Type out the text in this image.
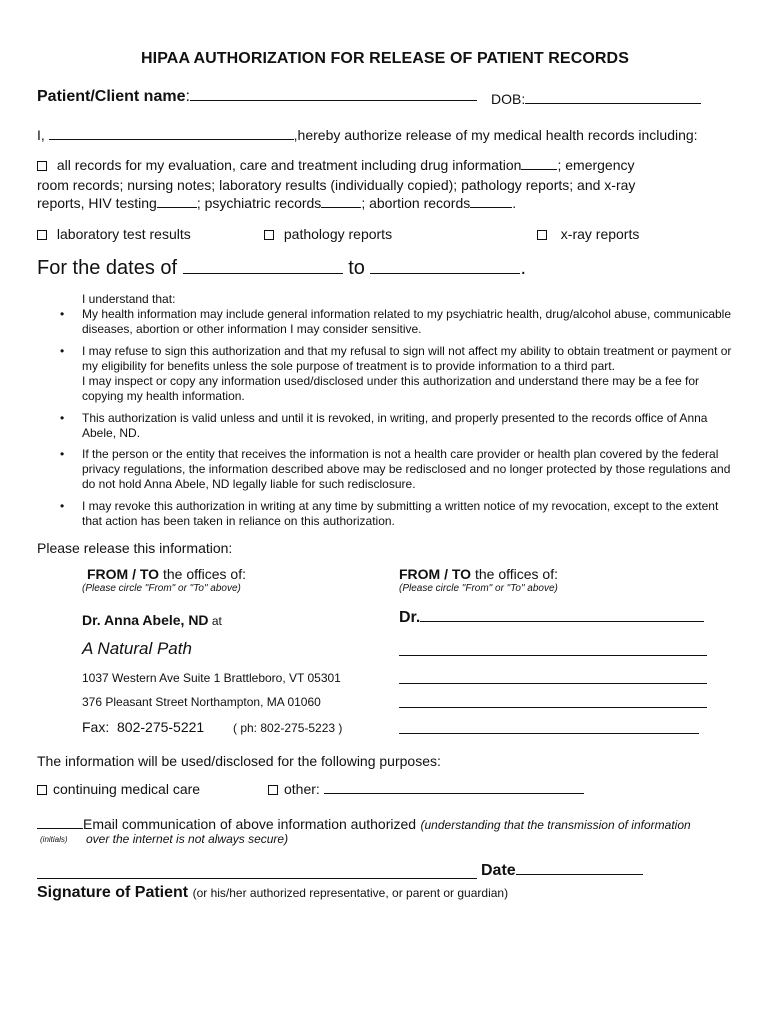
HIPAA AUTHORIZATION FOR RELEASE OF PATIENT RECORDS
Patient/Client name:	DOB:
I,	,hereby authorize release of my medical health records including:
all records for my evaluation, care and treatment including drug information	; emergency
room records; nursing notes; laboratory results (individually copied); pathology reports; and x-ray
reports, HIV testing	; psychiatric records	; abortion records	.
laboratory test results	pathology reports	x-ray reports
For the dates of	to	.
I understand that:
• My health information may include general information related to my psychiatric health, drug/alcohol abuse, communicable diseases, abortion or other information I may consider sensitive.
• I may refuse to sign this authorization and that my refusal to sign will not affect my ability to obtain treatment or payment or my eligibility for benefits unless the sole purpose of treatment is to provide information to a third part.
I may inspect or copy any information used/disclosed under this authorization and understand there may be a fee for copying my health information.
• This authorization is valid unless and until it is revoked, in writing, and properly presented to the records office of Anna Abele, ND.
• If the person or the entity that receives the information is not a health care provider or health plan covered by the federal privacy regulations, the information described above may be redisclosed and no longer protected by those regulations and do not hold Anna Abele, ND legally liable for such redisclosure.
• I may revoke this authorization in writing at any time by submitting a written notice of my revocation, except to the extent that action has been taken in reliance on this authorization.
Please release this information:
FROM / TO the offices of:
(Please circle "From" or "To" above)
FROM / TO the offices of:
(Please circle "From" or "To" above)
Dr. Anna Abele, ND at
A Natural Path
1037 Western Ave Suite 1 Brattleboro, VT 05301
376 Pleasant Street Northampton, MA 01060
Fax: 802-275-5221 ( ph: 802-275-5223 )
Dr.
The information will be used/disclosed for the following purposes:
continuing medical care	other:
Email communication of above information authorized (understanding that the transmission of information
(initials) over the internet is not always secure)
Date
Signature of Patient (or his/her authorized representative, or parent or guardian)
